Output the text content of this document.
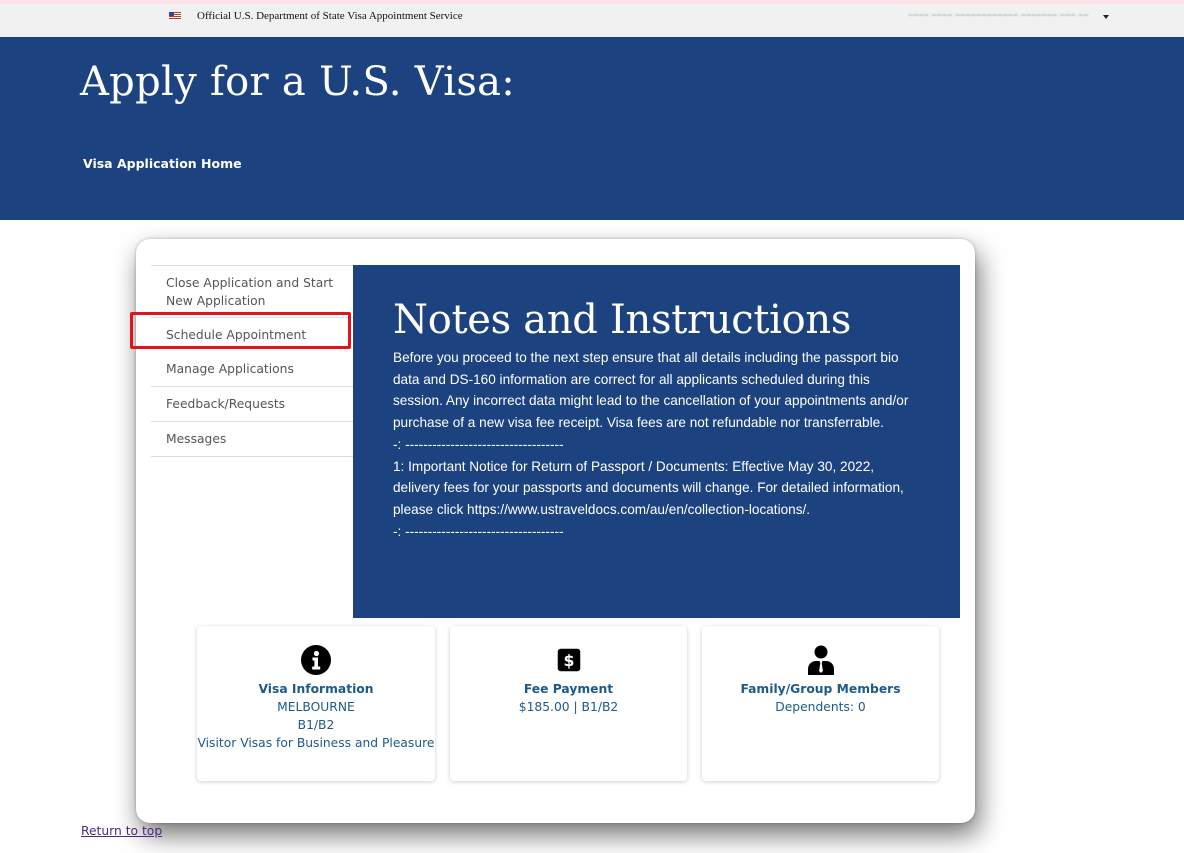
Official U.S. Department of State Visa Appointment Service	~~~~ ~~~~ ~~~~~~~~~~~~ ~~~~~~~ ~~~ ~~
Apply for a U.S. Visa:
Visa Application Home
Close Application and Start New Application
Schedule Appointment
Manage Applications
Feedback/Requests
Messages
Notes and Instructions

Before you proceed to the next step ensure that all details including the passport bio data and DS-160 information are correct for all applicants scheduled during this session. Any incorrect data might lead to the cancellation of your appointments and/or purchase of a new visa fee receipt. Visa fees are not refundable nor transferrable.

-: -----------------------------------

1: Important Notice for Return of Passport / Documents: Effective May 30, 2022, delivery fees for your passports and documents will change. For detailed information, please click https://www.ustraveldocs.com/au/en/collection-locations/.

-: -----------------------------------

Visa Information
MELBOURNE
B1/B2
Visitor Visas for Business and Pleasure
$
Fee Payment
$185.00 | B1/B2
Family/Group Members
Dependents: 0
Return to top
